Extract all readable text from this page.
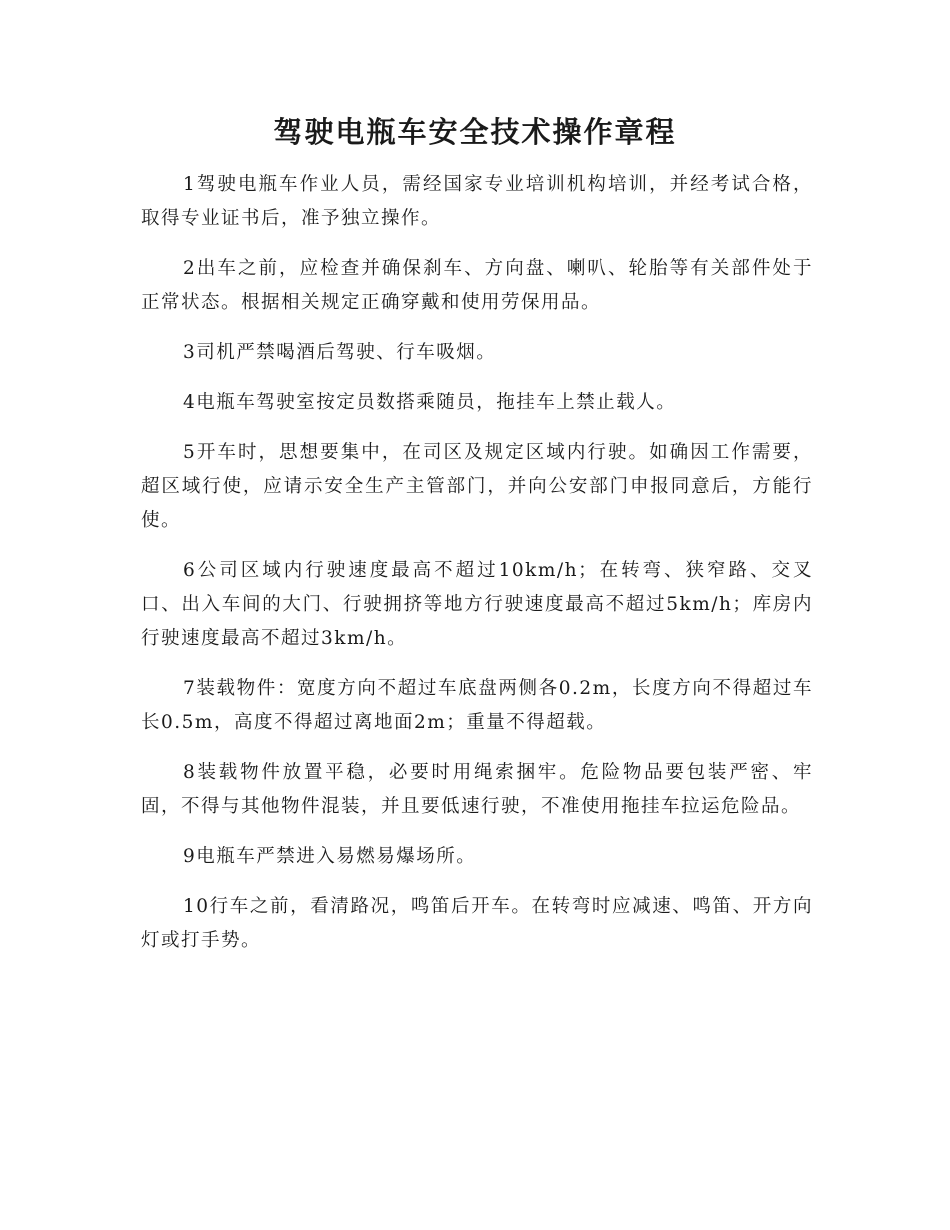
驾驶电瓶车安全技术操作章程

1驾驶电瓶车作业人员，需经国家专业培训机构培训，并经考试合格，取得专业证书后，准予独立操作。

2出车之前，应检查并确保刹车、方向盘、喇叭、轮胎等有关部件处于正常状态。根据相关规定正确穿戴和使用劳保用品。

3司机严禁喝酒后驾驶、行车吸烟。

4电瓶车驾驶室按定员数搭乘随员，拖挂车上禁止载人。

5开车时，思想要集中，在司区及规定区域内行驶。如确因工作需要，超区域行使，应请示安全生产主管部门，并向公安部门申报同意后，方能行使。

6公司区域内行驶速度最高不超过10km/h；在转弯、狭窄路、交叉口、出入车间的大门、行驶拥挤等地方行驶速度最高不超过5km/h；库房内行驶速度最高不超过3km/h。

7装载物件：宽度方向不超过车底盘两侧各0.2m，长度方向不得超过车长0.5m，高度不得超过离地面2m；重量不得超载。

8装载物件放置平稳，必要时用绳索捆牢。危险物品要包装严密、牢固，不得与其他物件混装，并且要低速行驶，不准使用拖挂车拉运危险品。

9电瓶车严禁进入易燃易爆场所。

10行车之前，看清路况，鸣笛后开车。在转弯时应减速、鸣笛、开方向灯或打手势。
